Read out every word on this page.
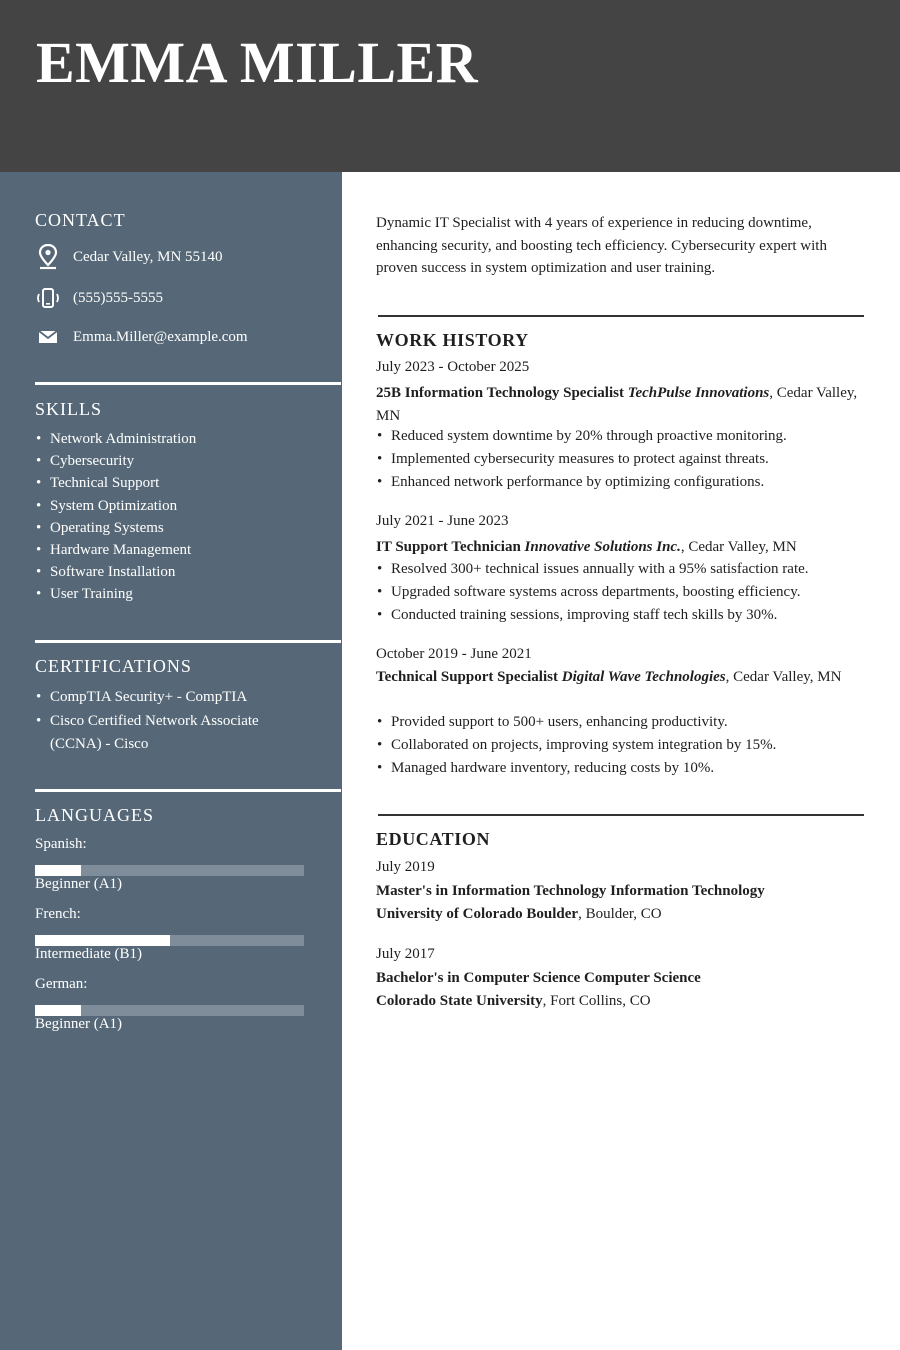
EMMA MILLER
CONTACT
Cedar Valley, MN 55140
(555)555-5555
Emma.Miller@example.com
SKILLS
• Network Administration
• Cybersecurity
• Technical Support
• System Optimization
• Operating Systems
• Hardware Management
• Software Installation
• User Training
CERTIFICATIONS
• CompTIA Security+ - CompTIA
• Cisco Certified Network Associate (CCNA) - Cisco
LANGUAGES
Spanish:
Beginner (A1)
French:
Intermediate (B1)
German:
Beginner (A1)

Dynamic IT Specialist with 4 years of experience in reducing downtime, enhancing security, and boosting tech efficiency. Cybersecurity expert with proven success in system optimization and user training.

WORK HISTORY
July 2023 - October 2025
25B Information Technology Specialist TechPulse Innovations, Cedar Valley, MN
• Reduced system downtime by 20% through proactive monitoring.
• Implemented cybersecurity measures to protect against threats.
• Enhanced network performance by optimizing configurations.
July 2021 - June 2023
IT Support Technician Innovative Solutions Inc., Cedar Valley, MN
• Resolved 300+ technical issues annually with a 95% satisfaction rate.
• Upgraded software systems across departments, boosting efficiency.
• Conducted training sessions, improving staff tech skills by 30%.
October 2019 - June 2021
Technical Support Specialist Digital Wave Technologies, Cedar Valley, MN
• Provided support to 500+ users, enhancing productivity.
• Collaborated on projects, improving system integration by 15%.
• Managed hardware inventory, reducing costs by 10%.
EDUCATION
July 2019
Master's in Information Technology Information Technology
University of Colorado Boulder, Boulder, CO
July 2017
Bachelor's in Computer Science Computer Science
Colorado State University, Fort Collins, CO
